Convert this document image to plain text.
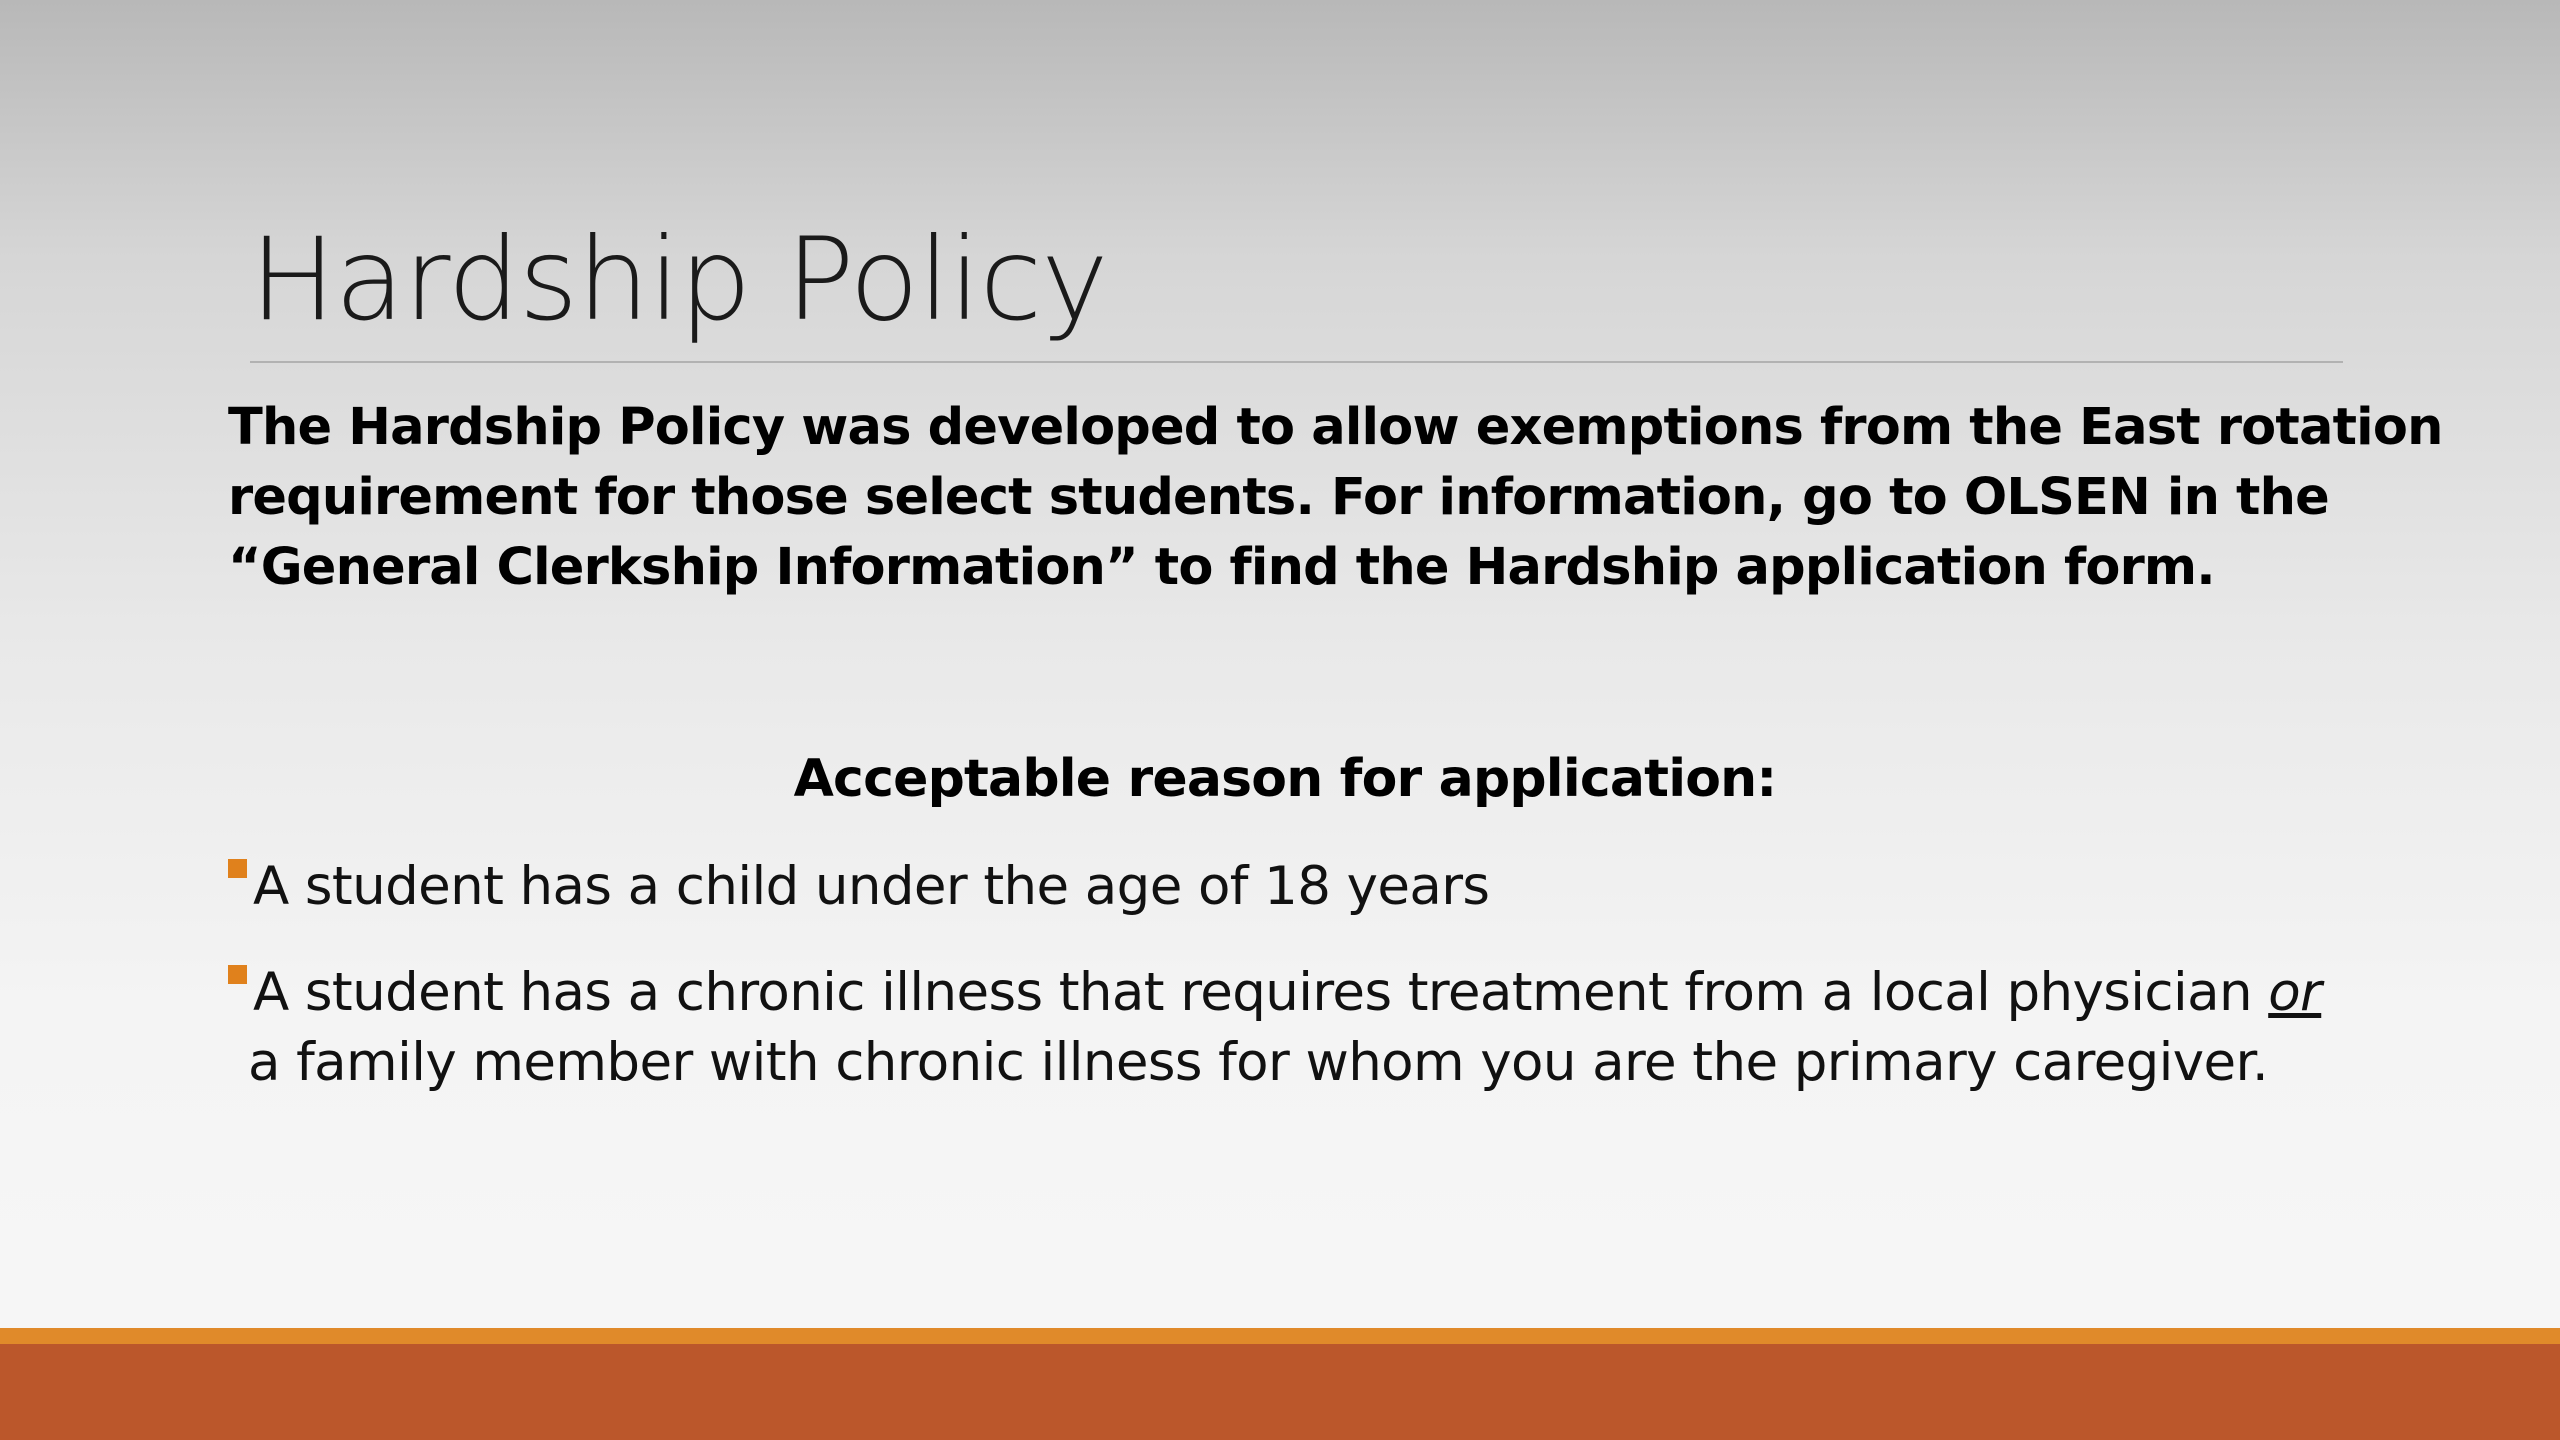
Hardship Policy
The Hardship Policy was developed to allow exemptions from the East rotation
requirement for those select students. For information, go to OLSEN in the
“General Clerkship Information” to find the Hardship application form.
Acceptable reason for application:
A student has a child under the age of 18 years
A student has a chronic illness that requires treatment from a local physician or
a family member with chronic illness for whom you are the primary caregiver.
